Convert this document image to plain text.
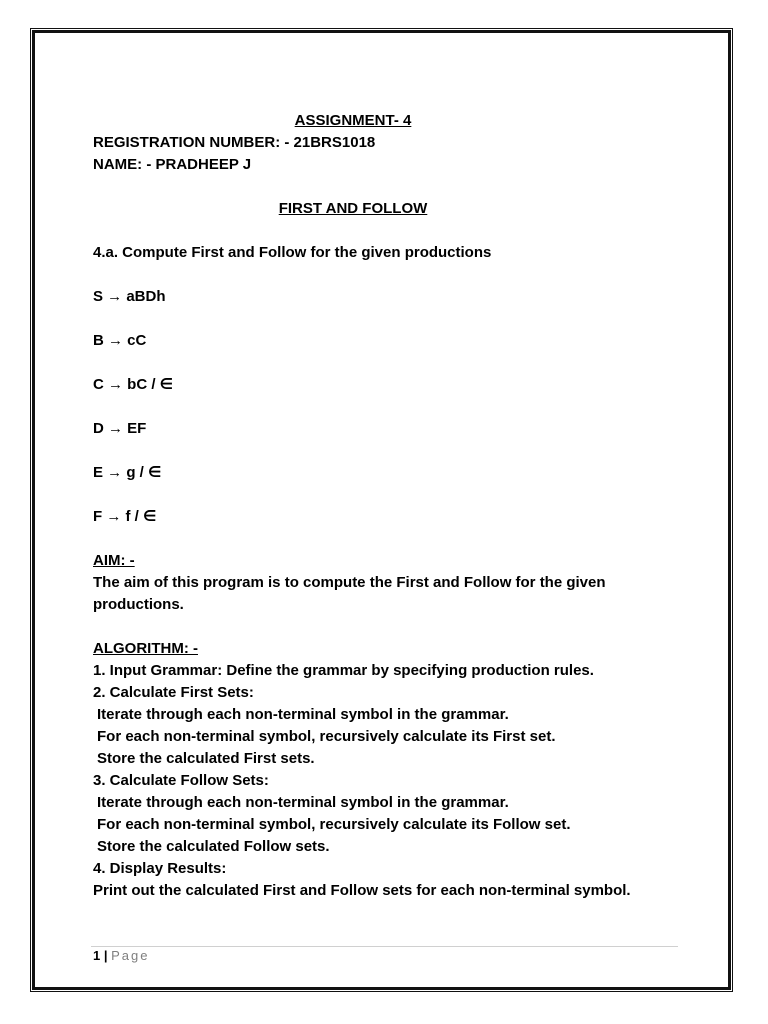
ASSIGNMENT- 4
REGISTRATION NUMBER: - 21BRS1018
NAME: - PRADHEEP J
FIRST AND FOLLOW
4.a. Compute First and Follow for the given productions
S → aBDh
B → cC
C → bC / ∈
D → EF
E → g / ∈
F → f / ∈
AIM: -
The aim of this program is to compute the First and Follow for the given
productions.
ALGORITHM: -
1. Input Grammar: Define the grammar by specifying production rules.
2. Calculate First Sets:
Iterate through each non-terminal symbol in the grammar.
For each non-terminal symbol, recursively calculate its First set.
Store the calculated First sets.
3. Calculate Follow Sets:
Iterate through each non-terminal symbol in the grammar.
For each non-terminal symbol, recursively calculate its Follow set.
Store the calculated Follow sets.
4. Display Results:
Print out the calculated First and Follow sets for each non-terminal symbol.
1 | Page
